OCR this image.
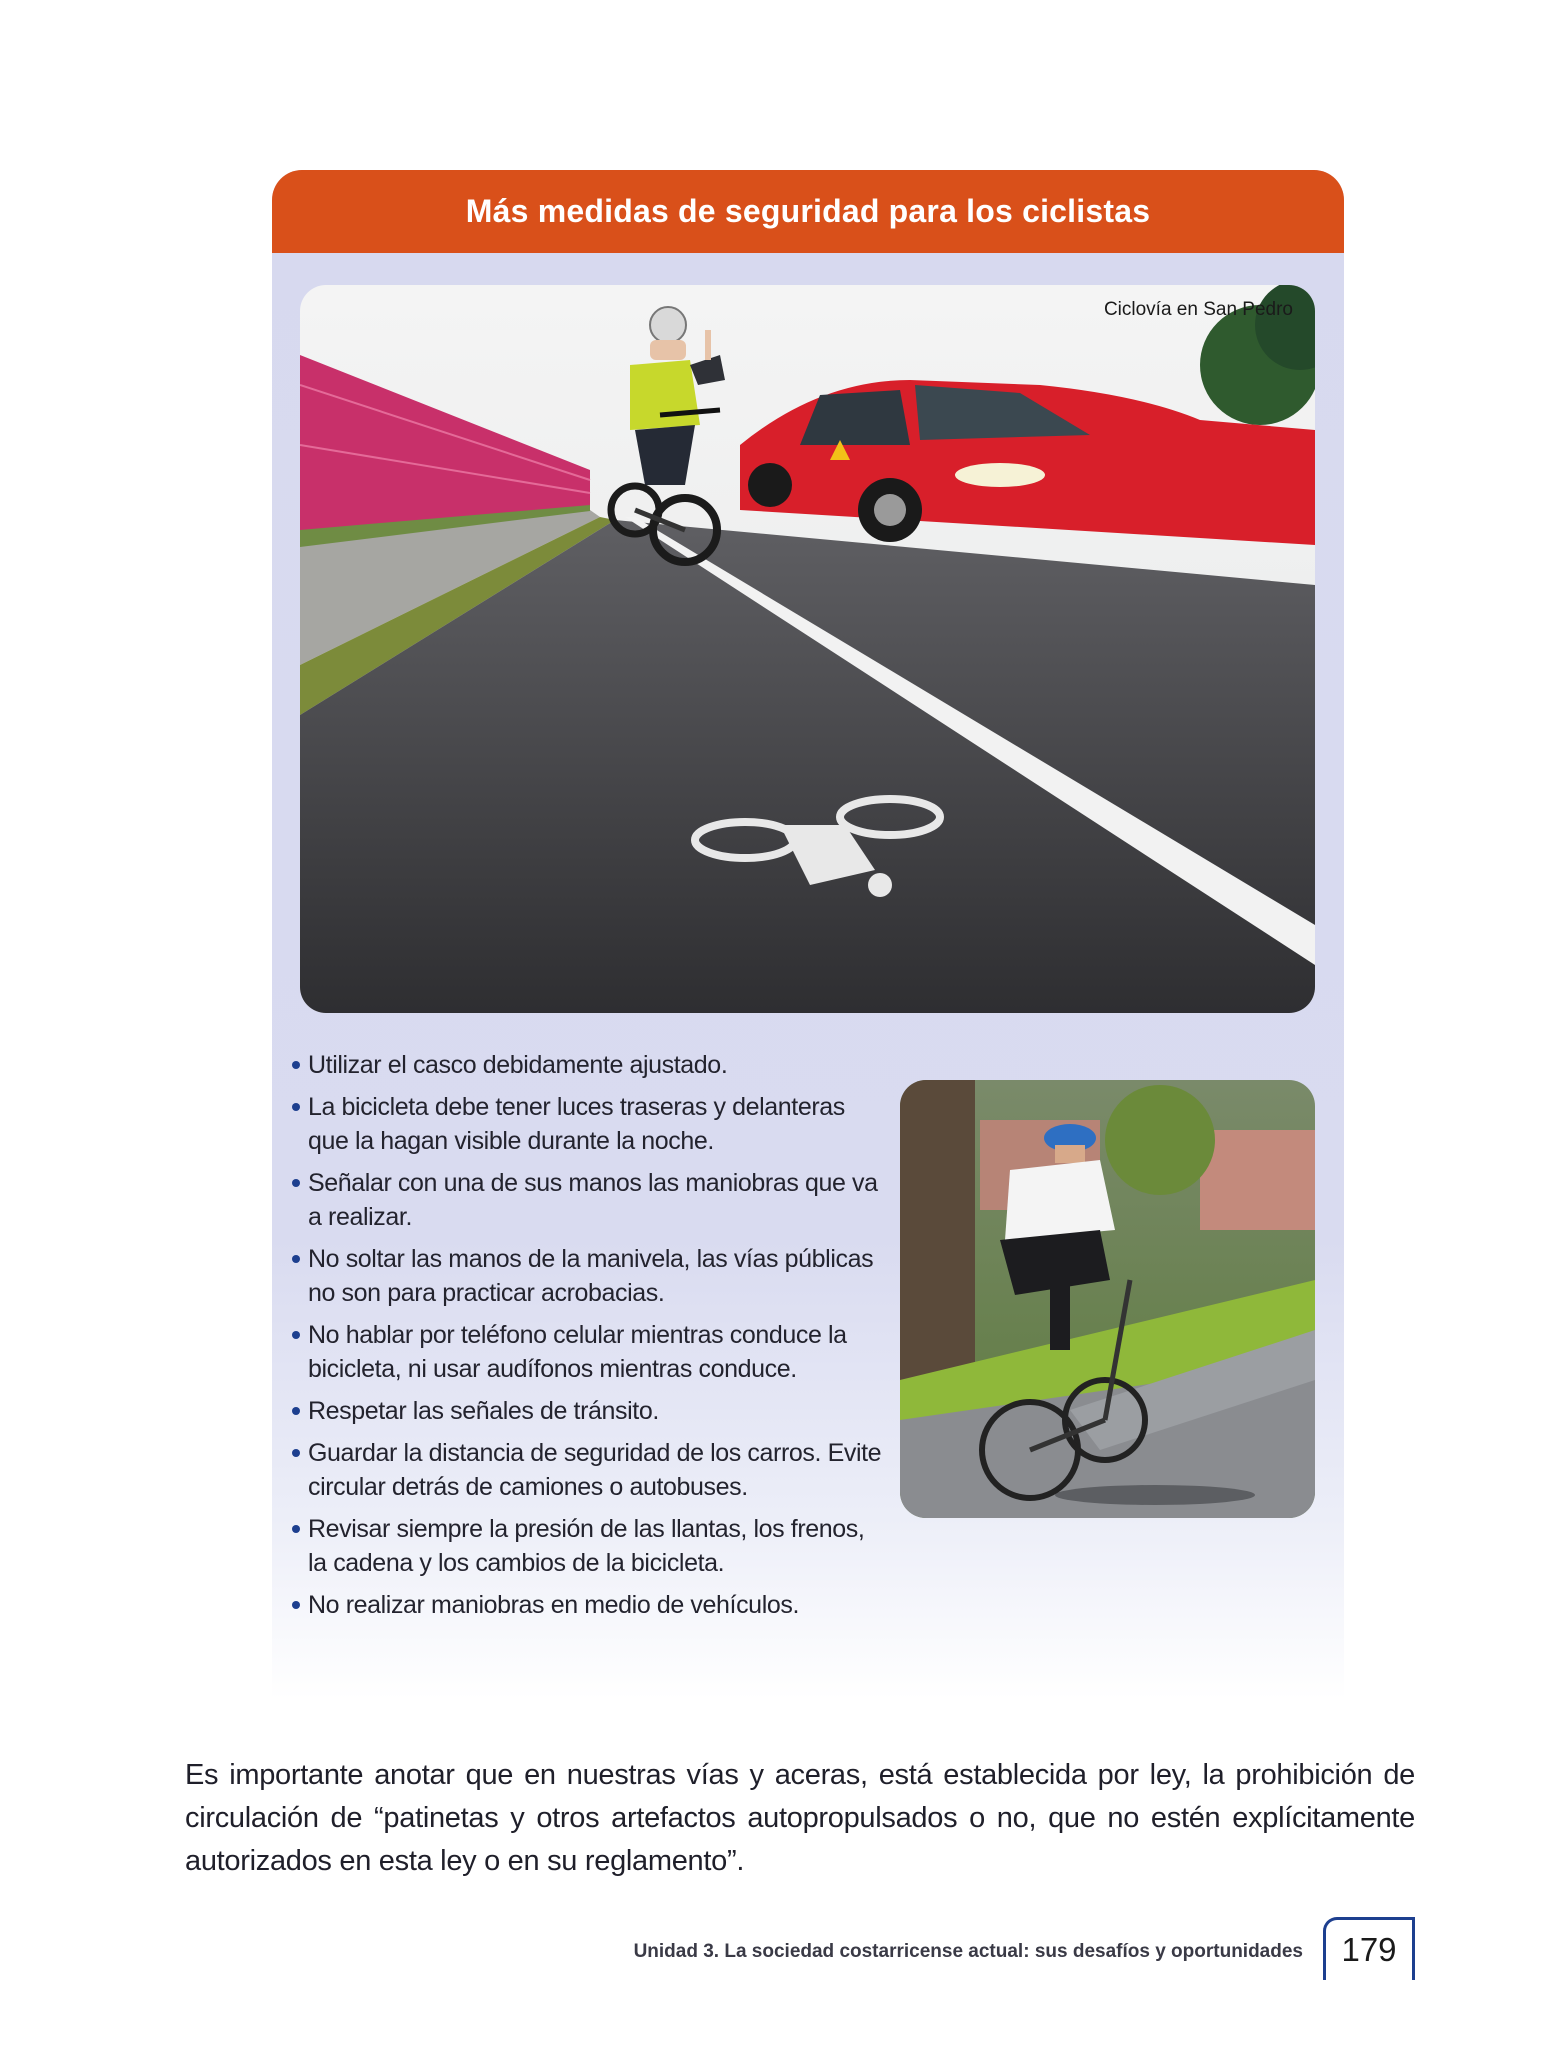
Más medidas de seguridad para los ciclistas
Ciclovía en San Pedro
Utilizar el casco debidamente ajustado.
La bicicleta debe tener luces traseras y delanteras que la hagan visible durante la noche.
Señalar con una de sus manos las maniobras que va a realizar.
No soltar las manos de la manivela, las vías públicas no son para practicar acrobacias.
No hablar por teléfono celular mientras conduce la bicicleta, ni usar audífonos mientras conduce.
Respetar las señales de tránsito.
Guardar la distancia de seguridad de los carros. Evite circular detrás de camiones o autobuses.
Revisar siempre la presión de las llantas, los frenos, la cadena y los cambios de la bicicleta.
No realizar maniobras en medio de vehículos.

Es importante anotar que en nuestras vías y aceras, está establecida por ley, la prohibición de circulación de “patinetas y otros artefactos autopropulsados o no, que no estén explícitamente autorizados en esta ley o en su reglamento”.

Unidad 3. La sociedad costarricense actual: sus desafíos y oportunidades	179
